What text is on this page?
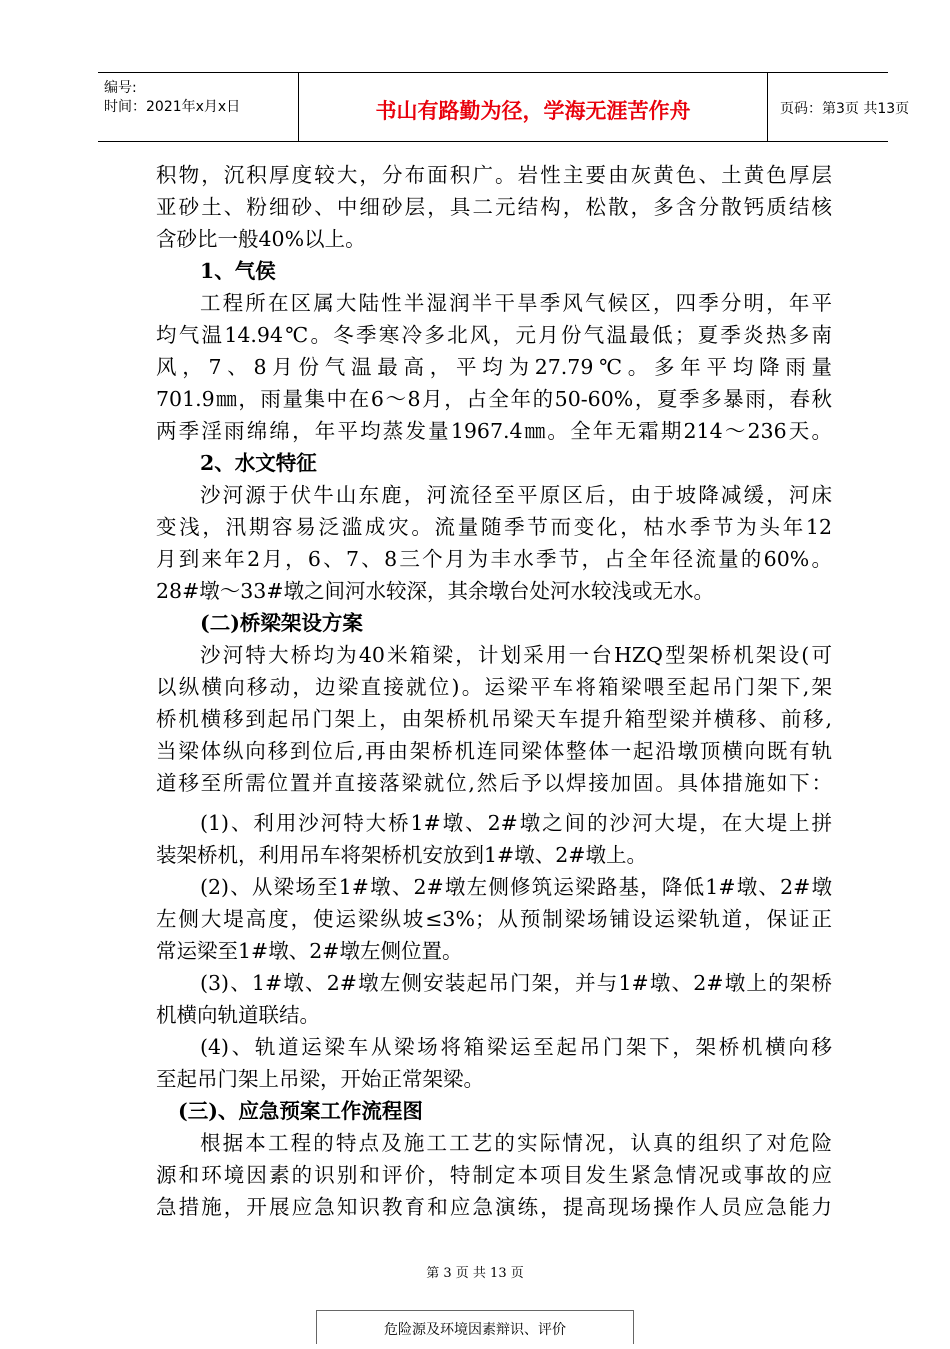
编号:
时间：2021年x月x日	书山有路勤为径，学海无涯苦作舟	页码：第3页 共13页
积物，沉积厚度较大，分布面积广。岩性主要由灰黄色、土黄色厚层
亚砂土、粉细砂、中细砂层，具二元结构，松散，多含分散钙质结核
含砂比一般40%以上。
1、气侯
工程所在区属大陆性半湿润半干旱季风气候区，四季分明，年平
均气温14.94℃。冬季寒冷多北风，元月份气温最低；夏季炎热多南
风，7、8月份气温最高，平均为27.79℃。多年平均降雨量
701.9㎜，雨量集中在6～8月，占全年的50-60%，夏季多暴雨，春秋
两季淫雨绵绵，年平均蒸发量1967.4㎜。全年无霜期214～236天。
2、水文特征
沙河源于伏牛山东鹿，河流径至平原区后，由于坡降减缓，河床
变浅，汛期容易泛滥成灾。流量随季节而变化，枯水季节为头年12
月到来年2月，6、7、8三个月为丰水季节，占全年径流量的60%。
28#墩～33#墩之间河水较深，其余墩台处河水较浅或无水。
(二)桥梁架设方案
沙河特大桥均为40米箱梁，计划采用一台HZQ型架桥机架设(可
以纵横向移动，边梁直接就位)。运梁平车将箱梁喂至起吊门架下,架
桥机横移到起吊门架上，由架桥机吊梁天车提升箱型梁并横移、前移,
当梁体纵向移到位后,再由架桥机连同梁体整体一起沿墩顶横向既有轨
道移至所需位置并直接落梁就位,然后予以焊接加固。具体措施如下：
(1)、利用沙河特大桥1#墩、2#墩之间的沙河大堤，在大堤上拼
装架桥机，利用吊车将架桥机安放到1#墩、2#墩上。
(2)、从梁场至1#墩、2#墩左侧修筑运梁路基，降低1#墩、2#墩
左侧大堤高度，使运梁纵坡≤3%；从预制梁场铺设运梁轨道，保证正
常运梁至1#墩、2#墩左侧位置。
(3)、1#墩、2#墩左侧安装起吊门架，并与1#墩、2#墩上的架桥
机横向轨道联结。
(4)、轨道运梁车从梁场将箱梁运至起吊门架下，架桥机横向移
至起吊门架上吊梁，开始正常架梁。
(三)、应急预案工作流程图
根据本工程的特点及施工工艺的实际情况，认真的组织了对危险
源和环境因素的识别和评价，特制定本项目发生紧急情况或事故的应
急措施，开展应急知识教育和应急演练，提高现场操作人员应急能力
第 3 页 共 13 页
危险源及环境因素辩识、评价
